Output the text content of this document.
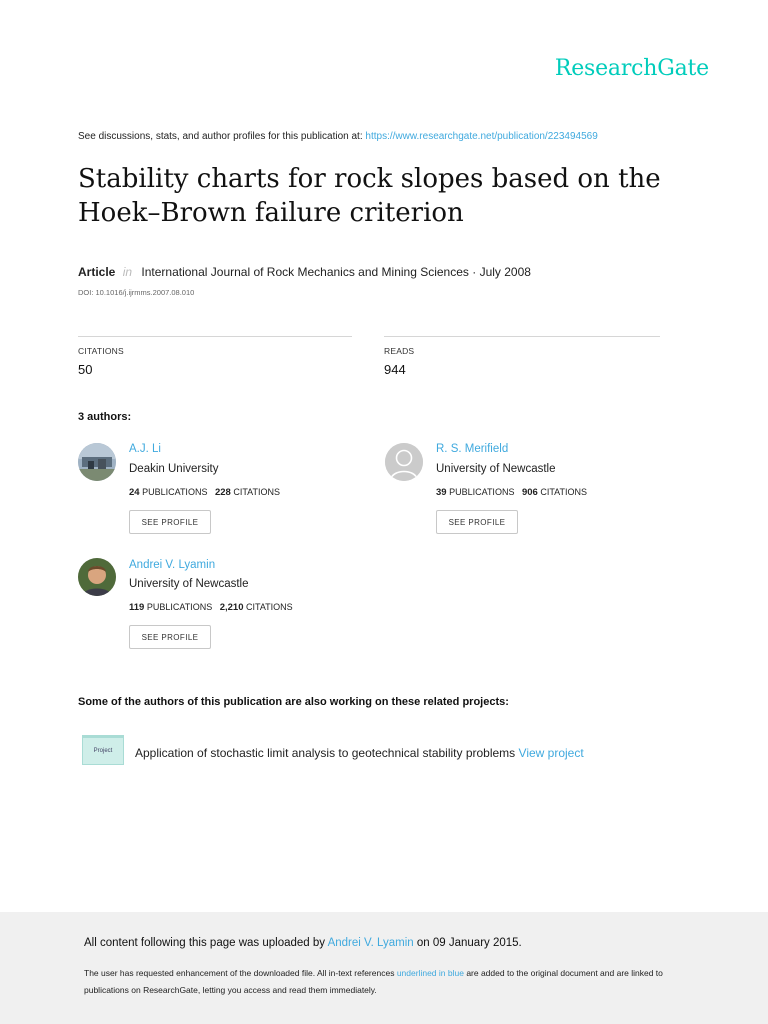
ResearchGate
See discussions, stats, and author profiles for this publication at: https://www.researchgate.net/publication/223494569
Stability charts for rock slopes based on the
Hoek–Brown failure criterion
Article in International Journal of Rock Mechanics and Mining Sciences · July 2008
DOI: 10.1016/j.ijrmms.2007.08.010
CITATIONS
50
READS
944
3 authors:
A.J. Li
Deakin University
24 PUBLICATIONS 228 CITATIONS
SEE PROFILE
R. S. Merifield
University of Newcastle
39 PUBLICATIONS 906 CITATIONS
SEE PROFILE
Andrei V. Lyamin
University of Newcastle
119 PUBLICATIONS 2,210 CITATIONS
SEE PROFILE
Some of the authors of this publication are also working on these related projects:
Project	Application of stochastic limit analysis to geotechnical stability problems View project
All content following this page was uploaded by Andrei V. Lyamin on 09 January 2015.
The user has requested enhancement of the downloaded file. All in-text references underlined in blue are added to the original document and are linked to publications on ResearchGate, letting you access and read them immediately.
